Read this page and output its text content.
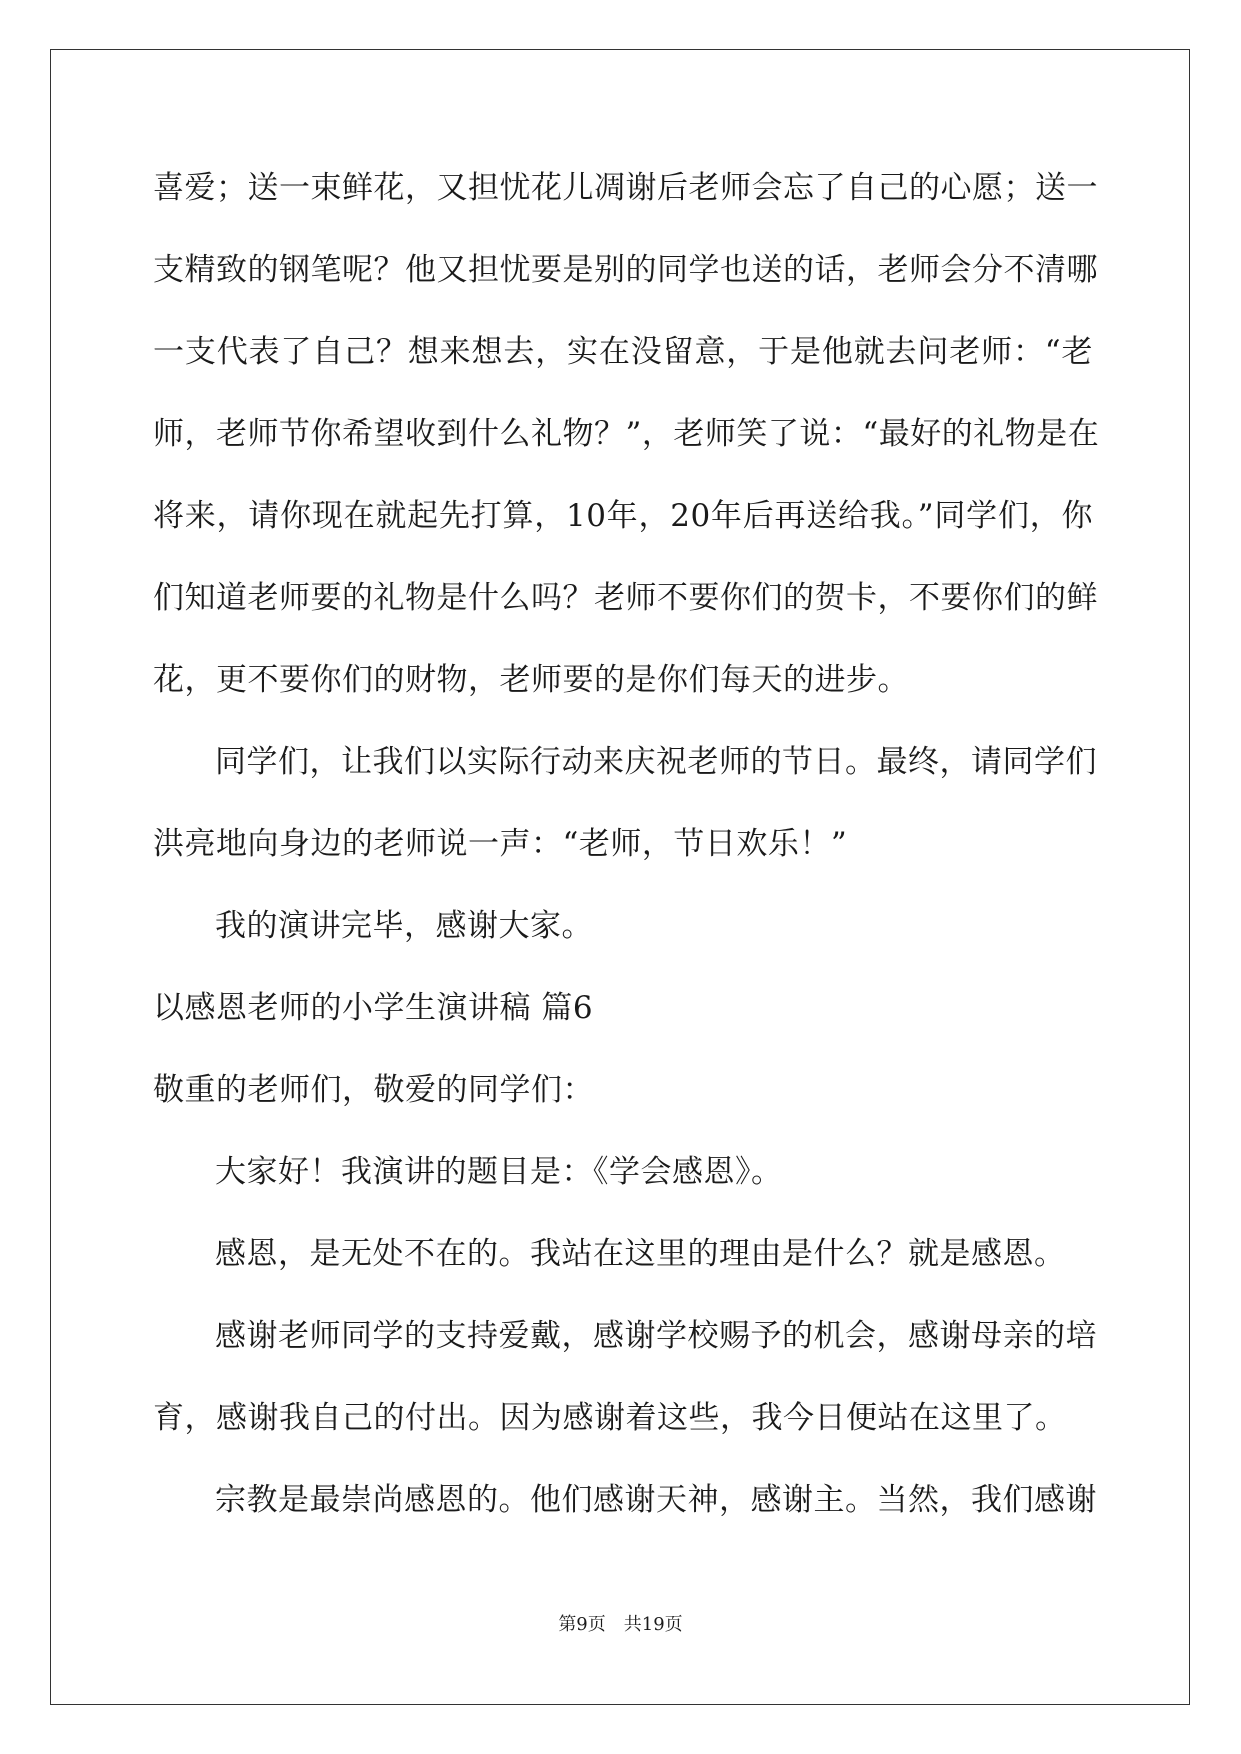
喜爱；送一束鲜花，又担忧花儿凋谢后老师会忘了自己的心愿；送一
支精致的钢笔呢？他又担忧要是别的同学也送的话，老师会分不清哪
一支代表了自己？想来想去，实在没留意，于是他就去问老师：“老
师，老师节你希望收到什么礼物？”，老师笑了说：“最好的礼物是在
将来，请你现在就起先打算，10年，20年后再送给我。”同学们，你
们知道老师要的礼物是什么吗？老师不要你们的贺卡，不要你们的鲜
花，更不要你们的财物，老师要的是你们每天的进步。
同学们，让我们以实际行动来庆祝老师的节日。最终，请同学们
洪亮地向身边的老师说一声：“老师，节日欢乐！”
我的演讲完毕，感谢大家。
以感恩老师的小学生演讲稿 篇6
敬重的老师们，敬爱的同学们：
大家好！我演讲的题目是：《学会感恩》。
感恩，是无处不在的。我站在这里的理由是什么？就是感恩。
感谢老师同学的支持爱戴，感谢学校赐予的机会，感谢母亲的培
育，感谢我自己的付出。因为感谢着这些，我今日便站在这里了。
宗教是最崇尚感恩的。他们感谢天神，感谢主。当然，我们感谢
第9页 共19页
